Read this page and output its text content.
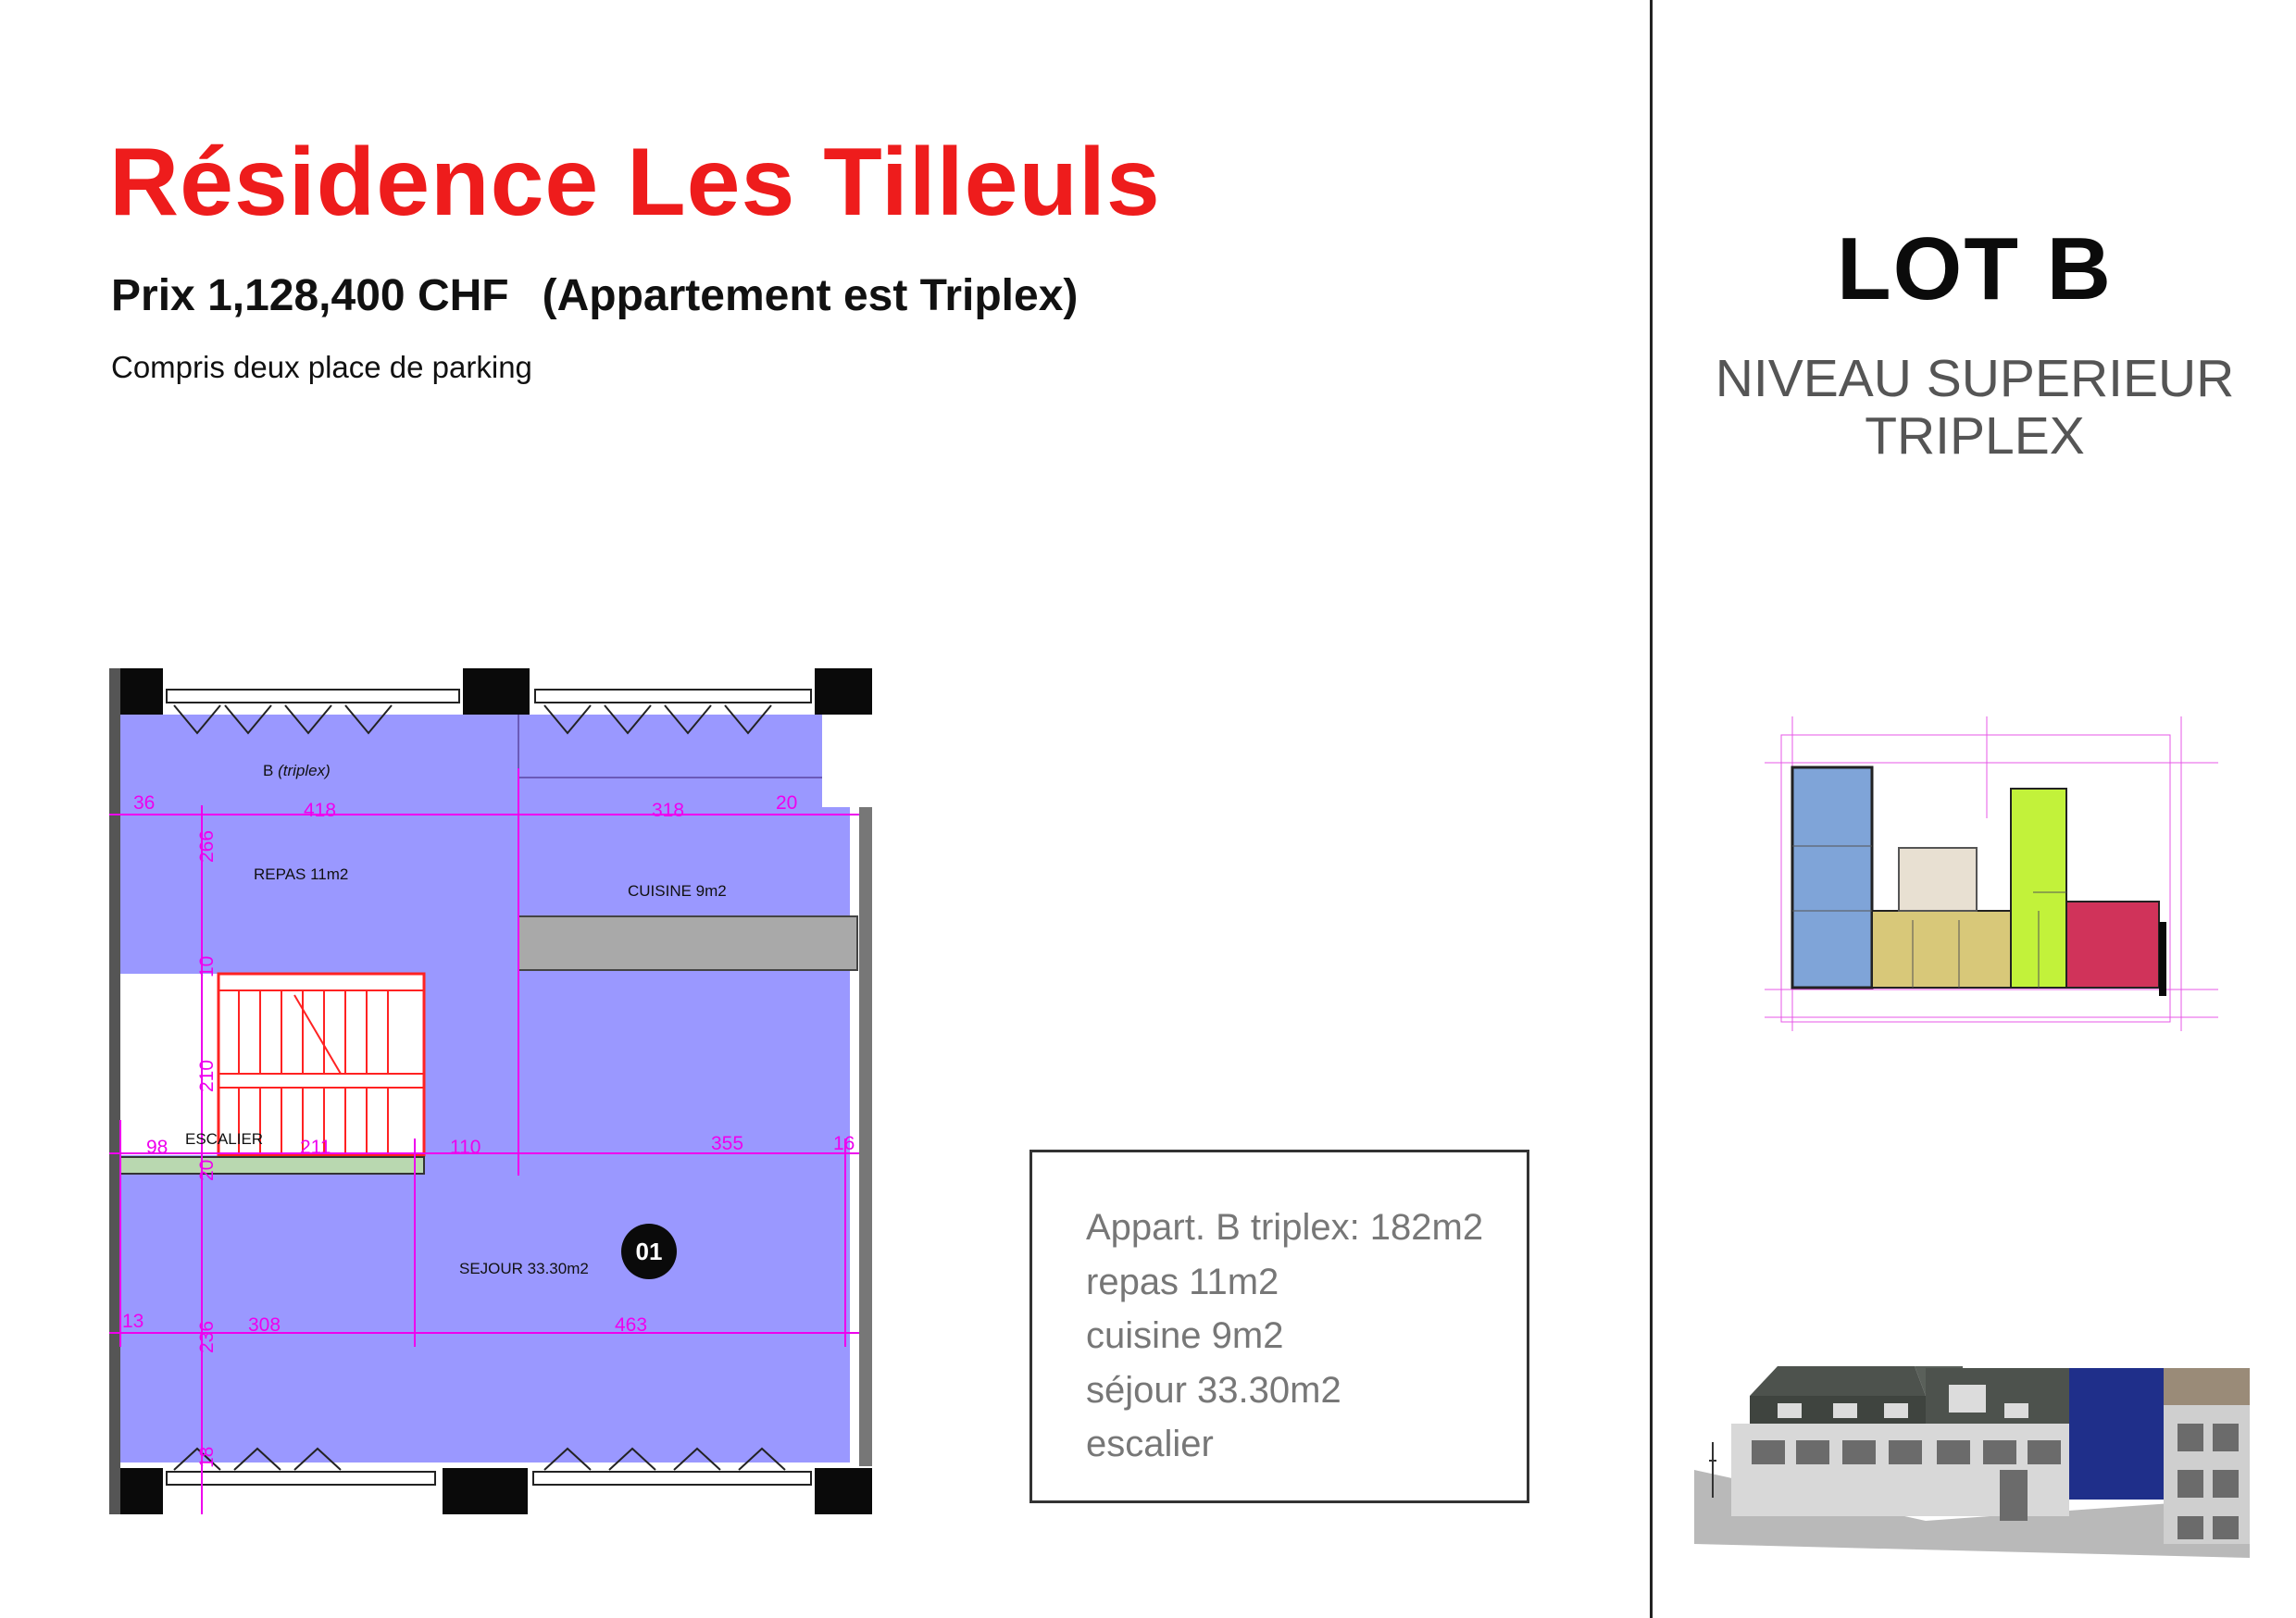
Résidence Les Tilleuls
Prix 1,128,400 CHF (Appartement est Triplex)
Compris deux place de parking
LOT B
NIVEAU SUPERIEUR
TRIPLEX
B (triplex)
REPAS 11m2
CUISINE 9m2
ESCALIER
SEJOUR 33.30m2
36	418	318	20
98	211	110	355	16
308	463
13
266
10
210
20
236
18
01
Appart. B triplex: 182m2
repas 11m2
cuisine 9m2
séjour 33.30m2
escalier
